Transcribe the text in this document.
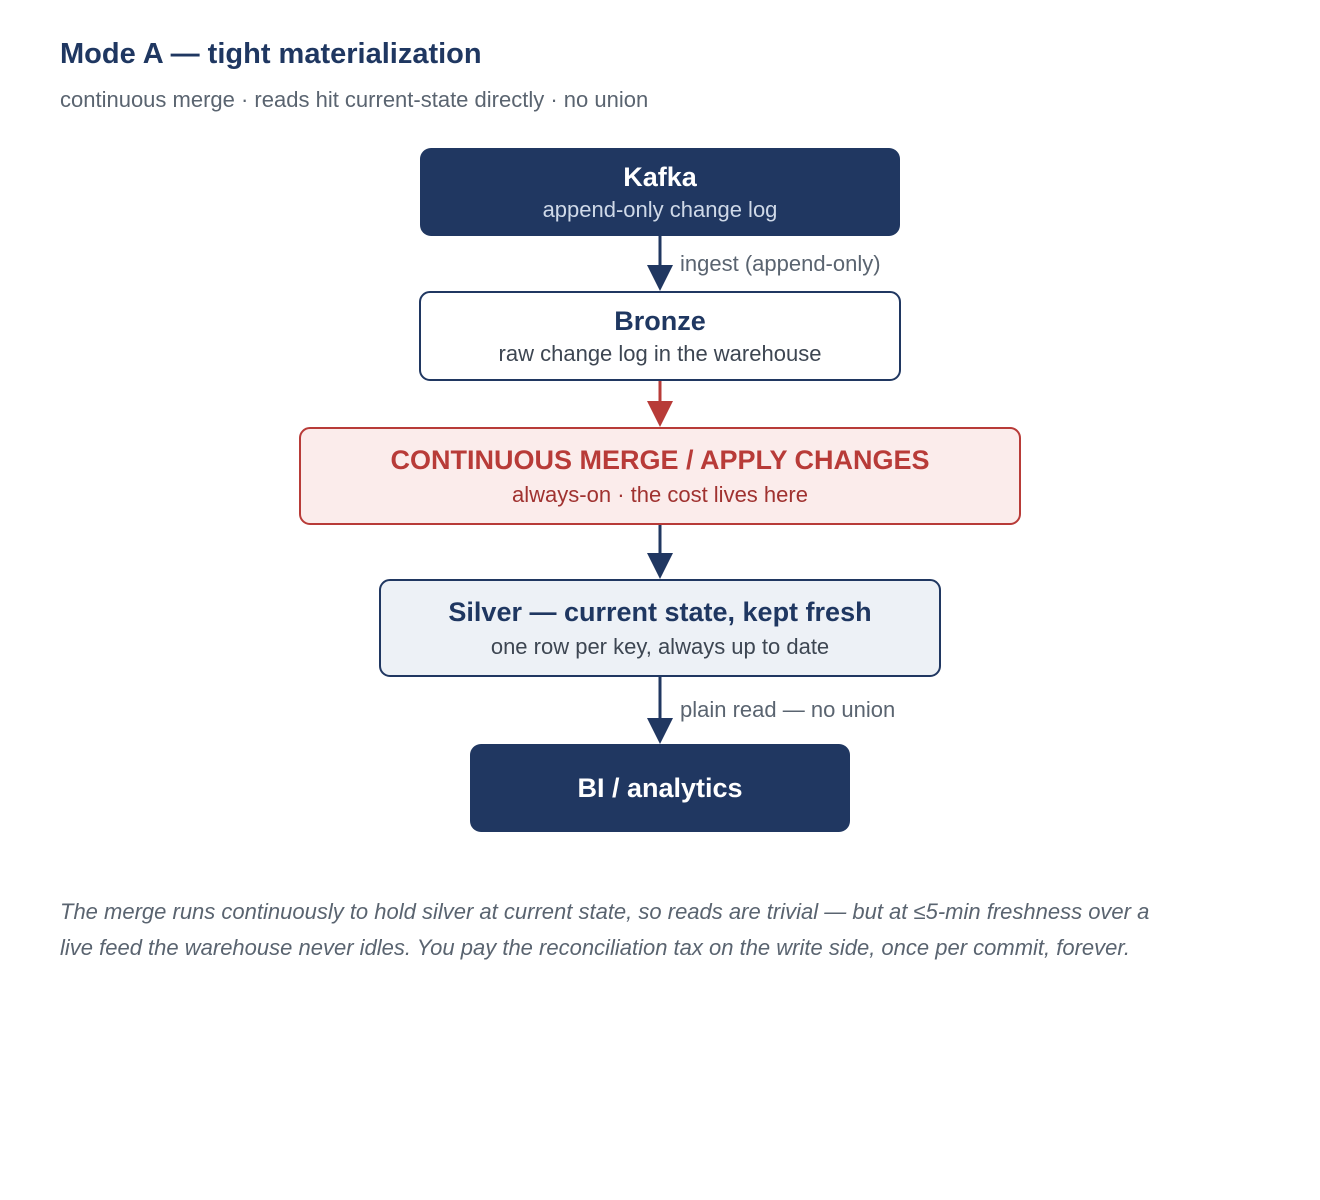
Mode A — tight materialization

continuous merge · reads hit current-state directly · no union

Kafka
append-only change log
ingest (append-only)
Bronze
raw change log in the warehouse
CONTINUOUS MERGE / APPLY CHANGES
always-on · the cost lives here
Silver — current state, kept fresh
one row per key, always up to date
plain read — no union
BI / analytics

The merge runs continuously to hold silver at current state, so reads are trivial — but at ≤5-min freshness over a live feed the warehouse never idles. You pay the reconciliation tax on the write side, once per commit, forever.
